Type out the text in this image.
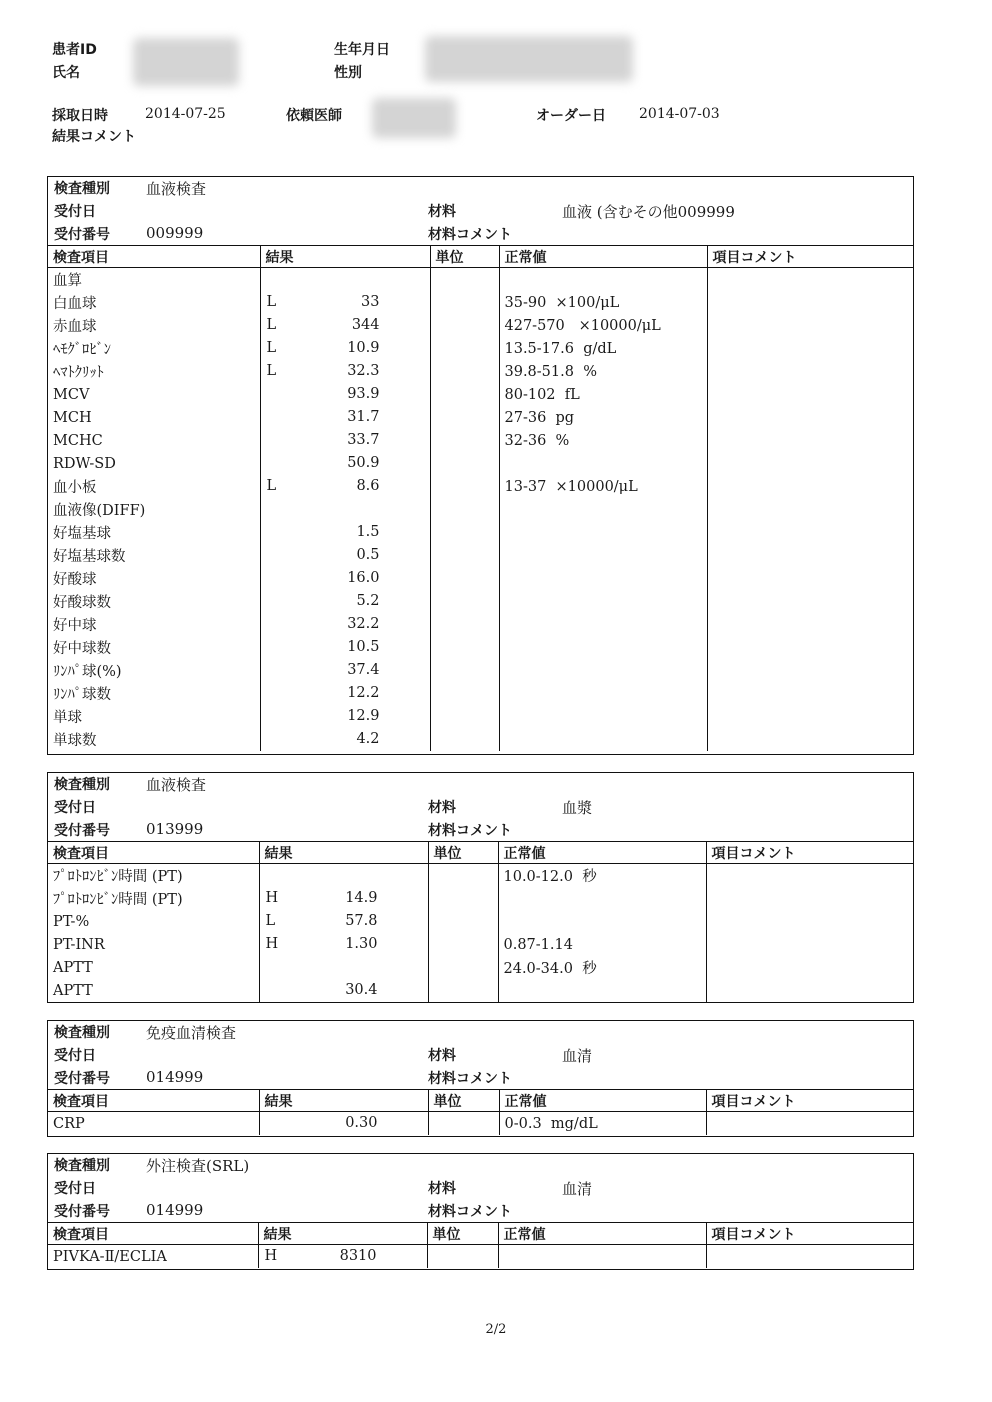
患者ID
氏名
生年月日
性別
採取日時	2014-07-25	依頼医師	オーダー日 2014-07-03
結果コメント
検査種別 血液検査
受付日	材料	血液 (含むその他009999
受付番号 009999	材料コメント
検査項目	結果	単位	正常値	項目コメント
血算	

白血球	L 33		35-90  ×100/μL	
赤血球	L 344		427-570   ×10000/μL	
ﾍﾓｸﾞﾛﾋﾞﾝ	L 10.9		13.5-17.6  g/dL	
ﾍﾏﾄｸﾘｯﾄ	L 32.3		39.8-51.8  %	
MCV	93.9		80-102  fL	
MCH	31.7		27-36  pg	
MCHC	33.7		32-36  %	
RDW-SD	50.9			

血小板	L 8.6		13-37  ×10000/μL	
血液像(DIFF)	

好塩基球	1.5			

好塩基球数	0.5			

好酸球	16.0			

好酸球数	5.2			

好中球	32.2			

好中球数	10.5			

ﾘﾝﾊﾟ球(%)	37.4			

ﾘﾝﾊﾟ球数	12.2			

単球	12.9			

単球数	4.2			

検査種別 血液検査
受付日	材料	血漿
受付番号 013999	材料コメント
検査項目	結果	単位	正常値	項目コメント
ﾌﾟﾛﾄﾛﾝﾋﾞﾝ時間 (PT)			10.0-12.0  秒	
ﾌﾟﾛﾄﾛﾝﾋﾞﾝ時間 (PT)	H 14.9			

PT-%	L 57.8			

PT-INR	H 1.30		0.87-1.14	
APTT			24.0-34.0  秒	
APTT	30.4			

検査種別 免疫血清検査
受付日	材料	血清
受付番号 014999	材料コメント
検査項目	結果	単位	正常値	項目コメント
CRP	0.30		0-0.3  mg/dL	
検査種別 外注検査(SRL)
受付日	材料	血清
受付番号 014999	材料コメント
検査項目	結果	単位	正常値	項目コメント
PIVKA-Ⅱ/ECLIA	H 8310			

2/2
